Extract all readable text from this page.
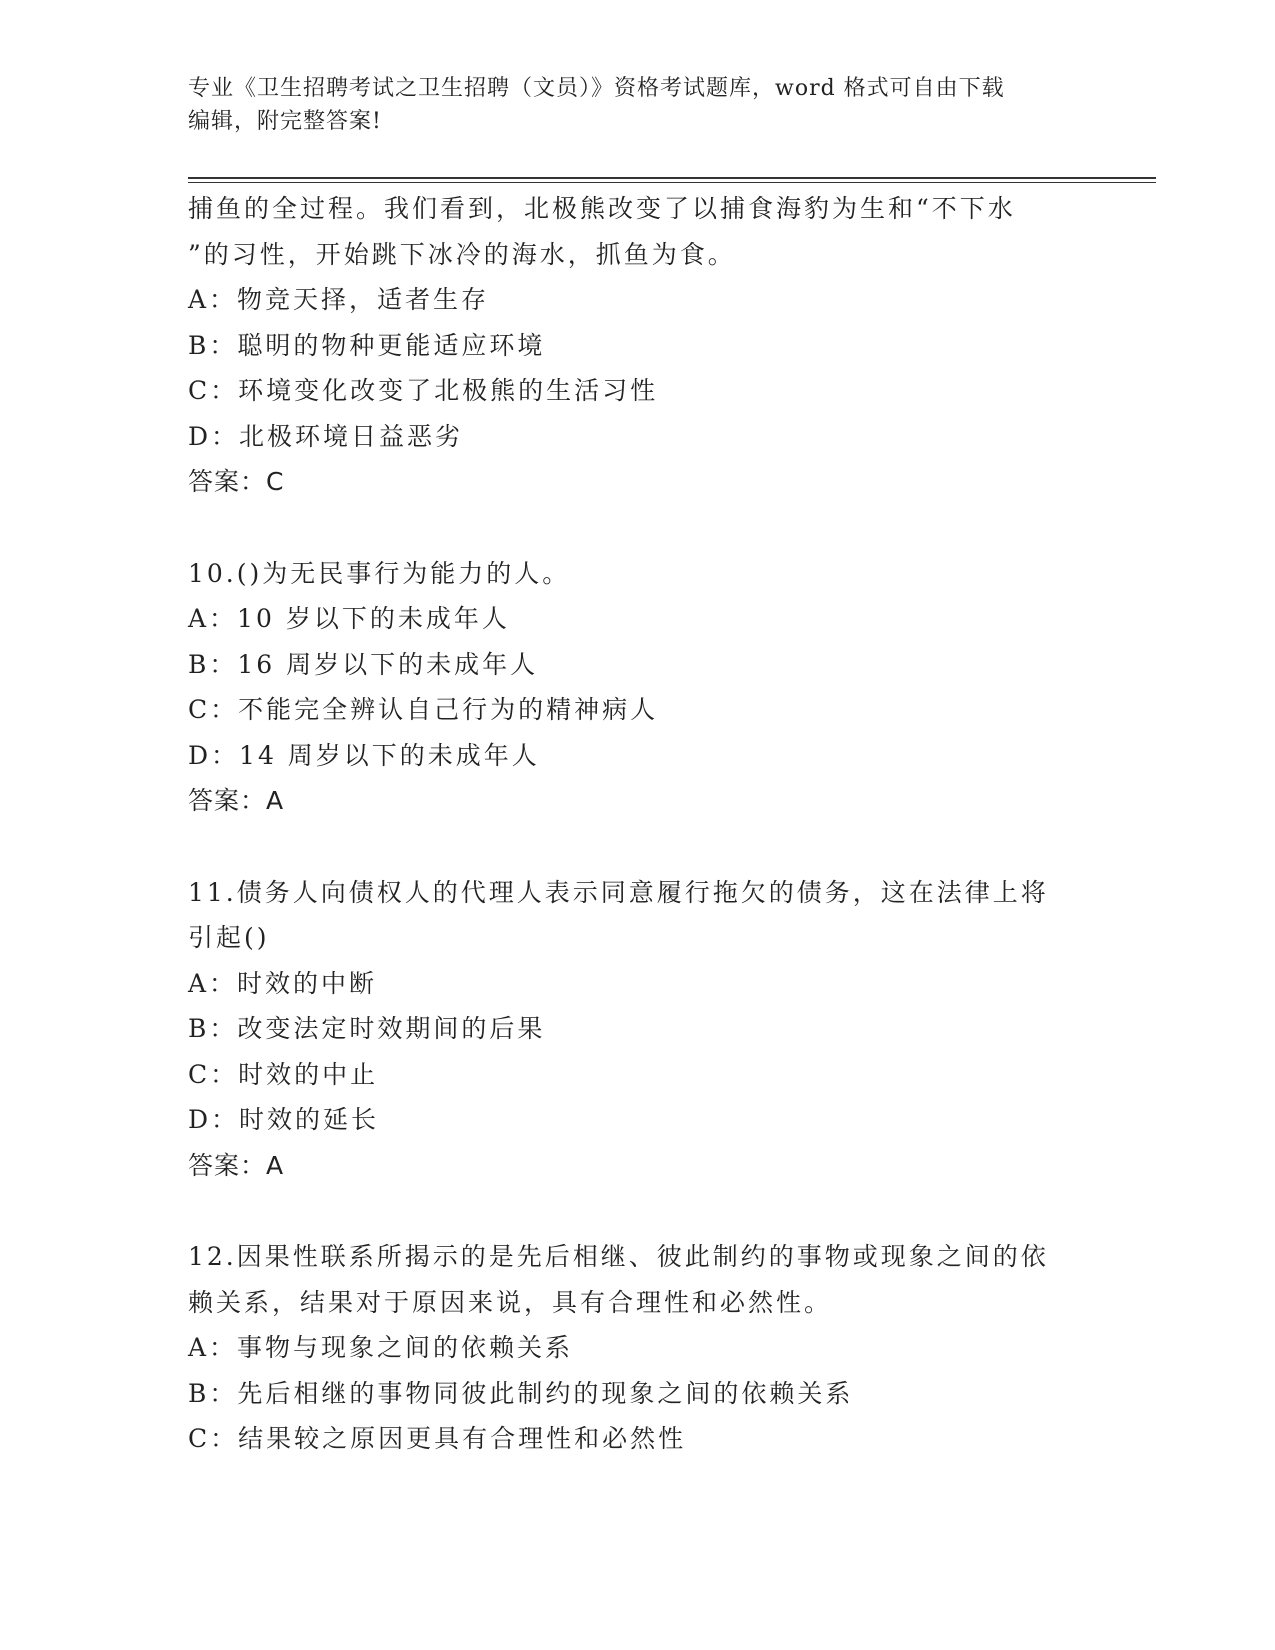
专业《卫生招聘考试之卫生招聘（文员）》资格考试题库，word 格式可自由下载
编辑，附完整答案!
捕鱼的全过程。我们看到，北极熊改变了以捕食海豹为生和“不下水
”的习性，开始跳下冰冷的海水，抓鱼为食。
A：物竞天择，适者生存
B：聪明的物种更能适应环境
C：环境变化改变了北极熊的生活习性
D：北极环境日益恶劣
答案：C
10.()为无民事行为能力的人。
A：10 岁以下的未成年人
B：16 周岁以下的未成年人
C：不能完全辨认自己行为的精神病人
D：14 周岁以下的未成年人
答案：A
11.债务人向债权人的代理人表示同意履行拖欠的债务，这在法律上将
引起()
A：时效的中断
B：改变法定时效期间的后果
C：时效的中止
D：时效的延长
答案：A
12.因果性联系所揭示的是先后相继、彼此制约的事物或现象之间的依
赖关系，结果对于原因来说，具有合理性和必然性。
A：事物与现象之间的依赖关系
B：先后相继的事物同彼此制约的现象之间的依赖关系
C：结果较之原因更具有合理性和必然性
